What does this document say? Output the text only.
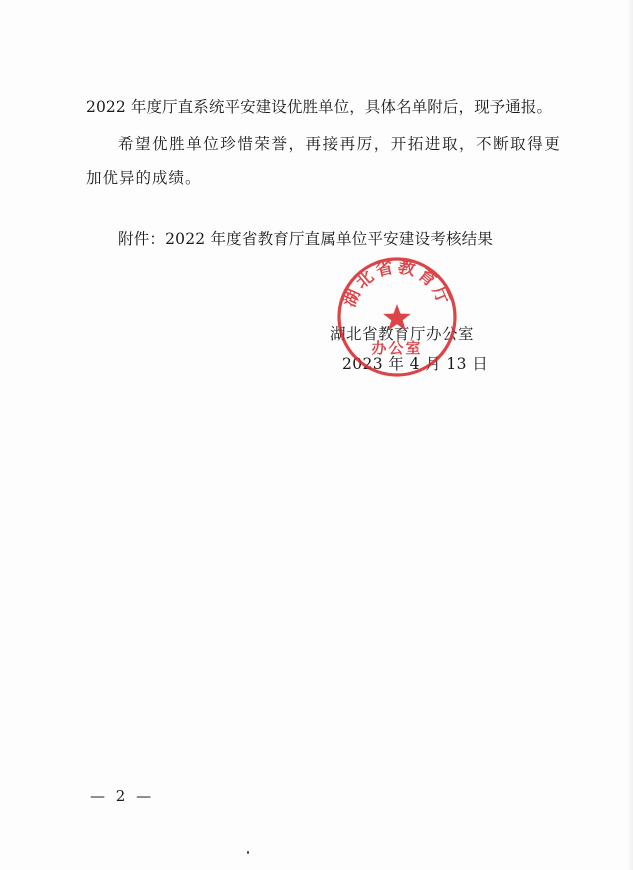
2022 年度厅直系统平安建设优胜单位，具体名单附后，现予通报。
希望优胜单位珍惜荣誉，再接再厉，开拓进取，不断取得更
加优异的成绩。
附件：2022 年度省教育厅直属单位平安建设考核结果
湖北省教育厅办公室
2023 年 4 月 13 日
湖北省教育厅
办公室
— 2 —
